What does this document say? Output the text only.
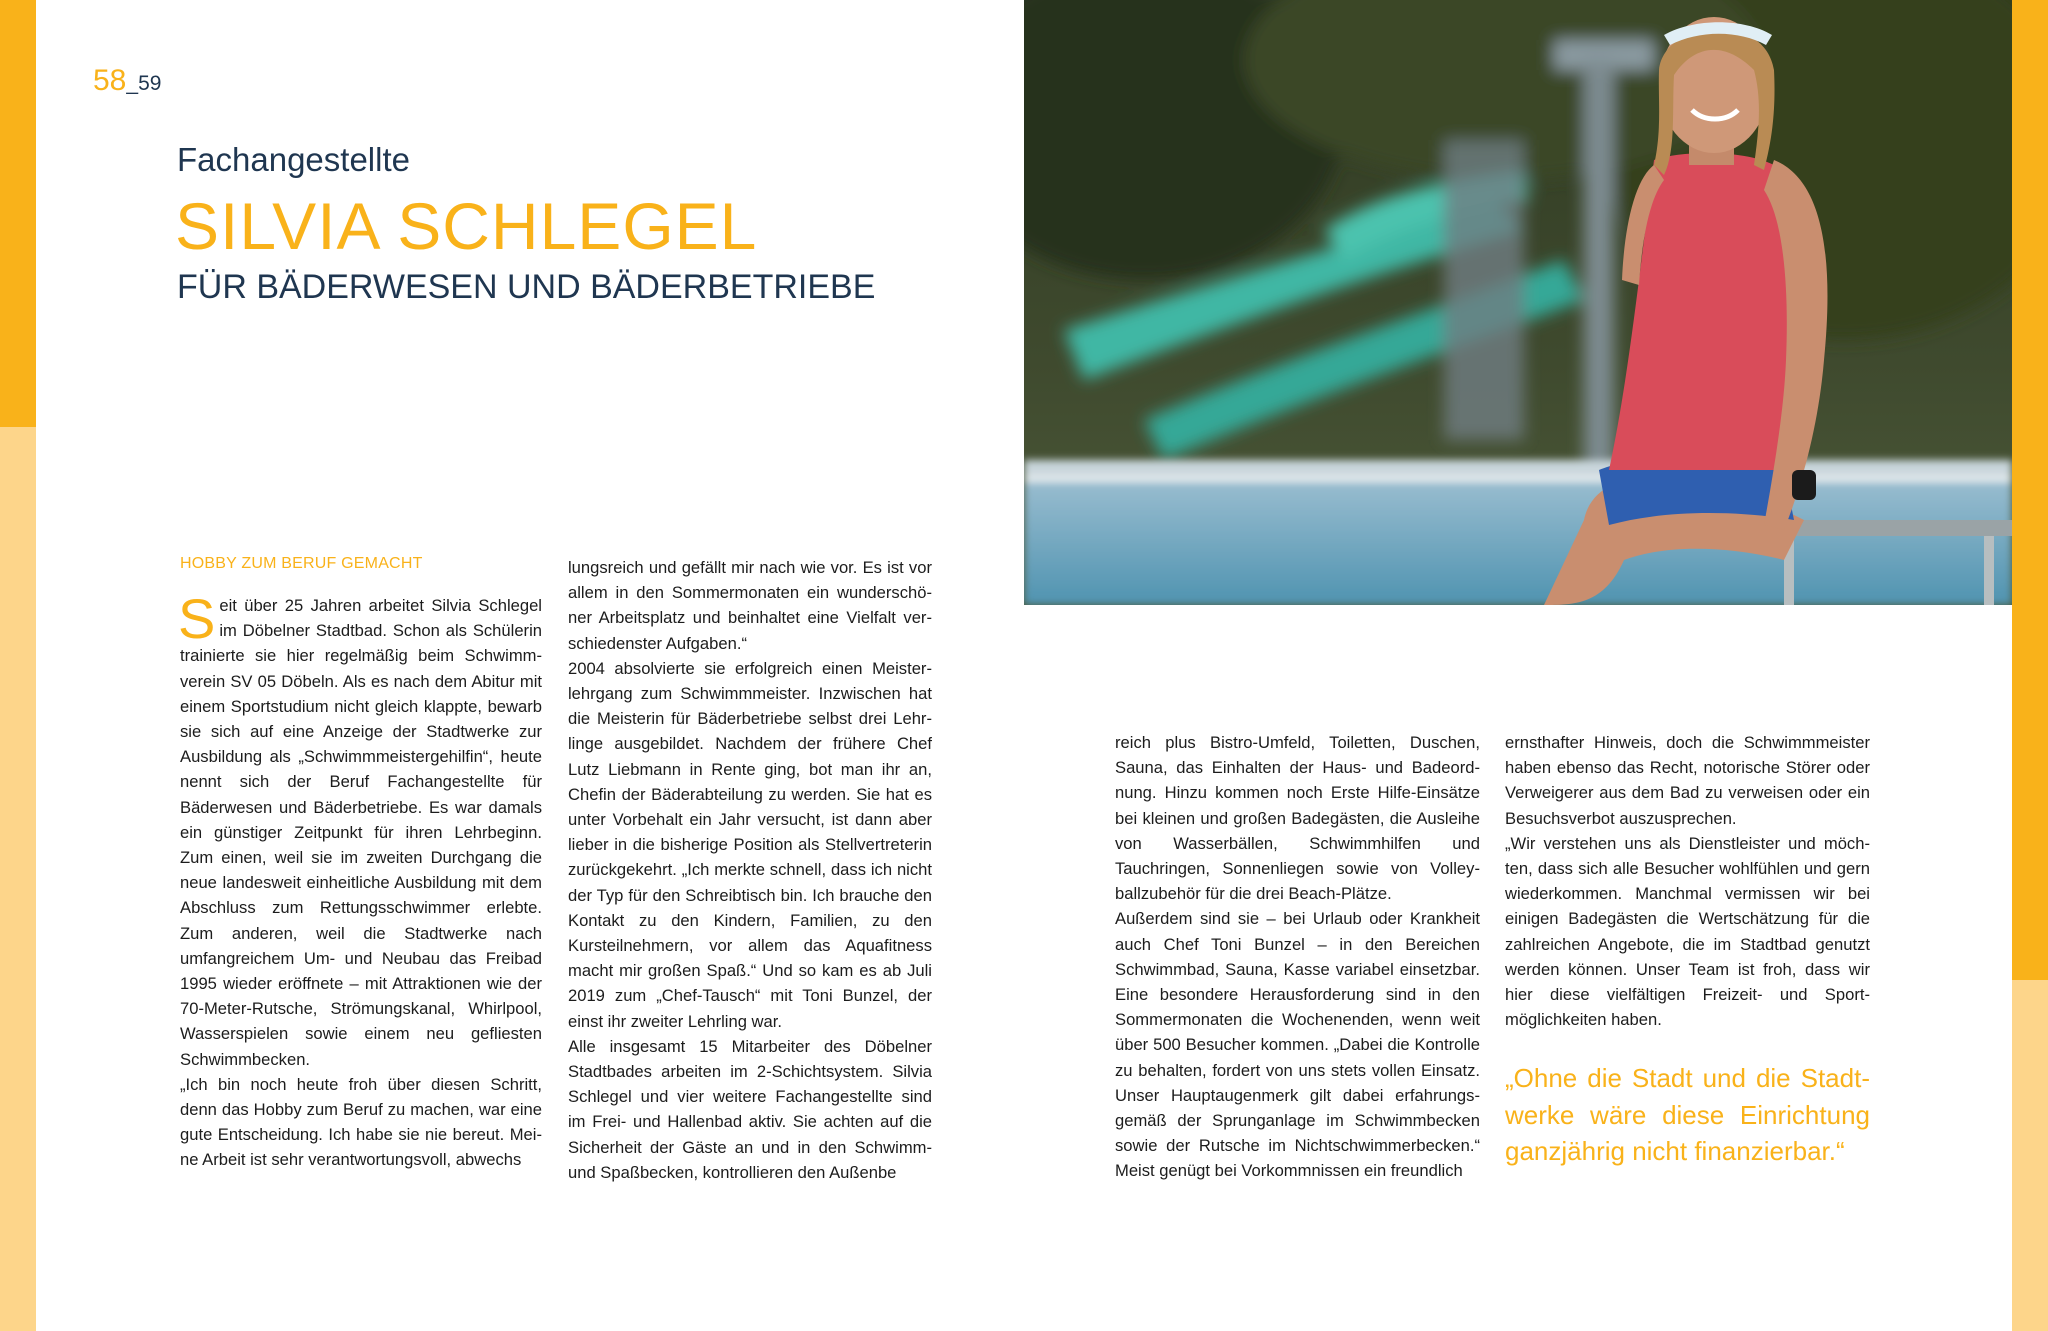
58_59
Fachangestellte
SILVIA SCHLEGEL
FÜR BÄDERWESEN UND BÄDERBETRIEBE
HOBBY ZUM BERUF GEMACHT

Seit über 25 Jahren arbeitet Silvia Schlegel im Döbelner Stadtbad. Schon als Schülerin trainierte sie hier regelmäßig beim Schwimmverein SV 05 Döbeln. Als es nach dem Abitur mit einem Sportstudium nicht gleich klappte, bewarb sie sich auf eine Anzeige der Stadtwerke zur Ausbildung als „Schwimmmeistergehilfin“, heute nennt sich der Beruf Fachangestellte für Bäderwesen und Bäderbetriebe. Es war damals ein günstiger Zeitpunkt für ihren Lehrbeginn. Zum einen, weil sie im zweiten Durchgang die neue landesweit einheitliche Ausbildung mit dem Abschluss zum Rettungsschwimmer erlebte. Zum anderen, weil die Stadtwerke nach umfangreichem Um- und Neubau das Freibad 1995 wieder eröffnete – mit Attraktionen wie der 70-Meter-Rutsche, Strömungskanal, Whirlpool, Wasserspielen sowie einem neu gefliesten Schwimmbecken.

„Ich bin noch heute froh über diesen Schritt, denn das Hobby zum Beruf zu machen, war eine gute Entscheidung. Ich habe sie nie bereut. Meine Arbeit ist sehr verantwortungsvoll, abwechs

lungsreich und gefällt mir nach wie vor. Es ist vor allem in den Sommermonaten ein wunderschöner Arbeitsplatz und beinhaltet eine Vielfalt verschiedenster Aufgaben.“

2004 absolvierte sie erfolgreich einen Meisterlehrgang zum Schwimmmeister. Inzwischen hat die Meisterin für Bäderbetriebe selbst drei Lehrlinge ausgebildet. Nachdem der frühere Chef Lutz Liebmann in Rente ging, bot man ihr an, Chefin der Bäderabteilung zu werden. Sie hat es unter Vorbehalt ein Jahr versucht, ist dann aber lieber in die bisherige Position als Stellvertreterin zurückgekehrt. „Ich merkte schnell, dass ich nicht der Typ für den Schreibtisch bin. Ich brauche den Kontakt zu den Kindern, Familien, zu den Kursteilnehmern, vor allem das Aquafitness macht mir großen Spaß.“ Und so kam es ab Juli 2019 zum „Chef-Tausch“ mit Toni Bunzel, der einst ihr zweiter Lehrling war.

Alle insgesamt 15 Mitarbeiter des Döbelner Stadtbades arbeiten im 2-Schichtsystem. Silvia Schlegel und vier weitere Fachangestellte sind im Frei- und Hallenbad aktiv. Sie achten auf die Sicherheit der Gäste an und in den Schwimm- und Spaßbecken, kontrollieren den Außenbe

reich plus Bistro-Umfeld, Toiletten, Duschen, Sauna, das Einhalten der Haus- und Badeordnung. Hinzu kommen noch Erste Hilfe-Einsätze bei kleinen und großen Badegästen, die Ausleihe von Wasserbällen, Schwimmhilfen und Tauchringen, Sonnenliegen sowie von Volleyballzubehör für die drei Beach-Plätze.

Außerdem sind sie – bei Urlaub oder Krankheit auch Chef Toni Bunzel – in den Bereichen Schwimmbad, Sauna, Kasse variabel einsetzbar. Eine besondere Herausforderung sind in den Sommermonaten die Wochenenden, wenn weit über 500 Besucher kommen. „Dabei die Kontrolle zu behalten, fordert von uns stets vollen Einsatz. Unser Hauptaugenmerk gilt dabei erfahrungsgemäß der Sprunganlage im Schwimmbecken sowie der Rutsche im Nichtschwimmerbecken.“ Meist genügt bei Vorkommnissen ein freundlich

ernsthafter Hinweis, doch die Schwimmmeister haben ebenso das Recht, notorische Störer oder Verweigerer aus dem Bad zu verweisen oder ein Besuchsverbot auszusprechen.

„Wir verstehen uns als Dienstleister und möchten, dass sich alle Besucher wohlfühlen und gern wiederkommen. Manchmal vermissen wir bei einigen Badegästen die Wertschätzung für die zahlreichen Angebote, die im Stadtbad genutzt werden können. Unser Team ist froh, dass wir hier diese vielfältigen Freizeit- und Sportmöglichkeiten haben.

„Ohne die Stadt und die Stadtwerke wäre diese Einrichtung ganzjährig nicht finanzierbar.“
